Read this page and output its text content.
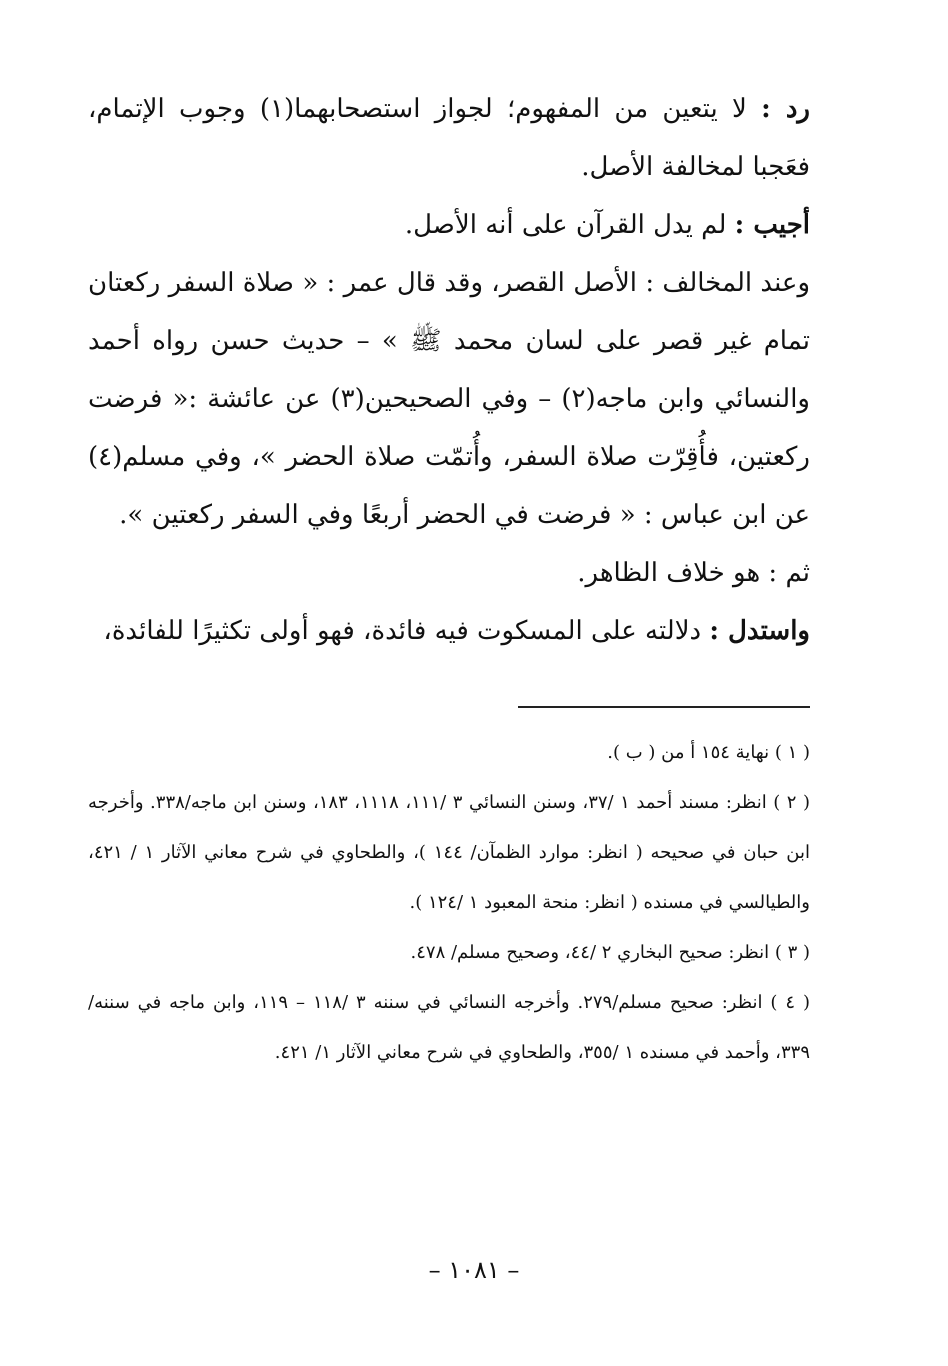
رد : لا يتعين من المفهوم؛ لجواز استصحابهما(١) وجوب الإتمام، فعَجبا لمخالفة الأصل.

أجيب : لم يدل القرآن على أنه الأصل.

وعند المخالف : الأصل القصر، وقد قال عمر : « صلاة السفر ركعتان تمام غير قصر على لسان محمد ﷺ » – حديث حسن رواه أحمد والنسائي وابن ماجه(٢) – وفي الصحيحين(٣) عن عائشة :« فرضت ركعتين، فأُقِرّت صلاة السفر، وأُتمّت صلاة الحضر »، وفي مسلم(٤) عن ابن عباس : « فرضت في الحضر أربعًا وفي السفر ركعتين ».

ثم : هو خلاف الظاهر.

واستدل : دلالته على المسكوت فيه فائدة، فهو أولى تكثيرًا للفائدة،

( ١ ) نهاية ١٥٤ أ من ( ب ).

( ٢ ) انظر: مسند أحمد ١ /٣٧، وسنن النسائي ٣ /١١١، ١١١٨، ١٨٣، وسنن ابن ماجه/٣٣٨. وأخرجه ابن حبان في صحيحه ( انظر: موارد الظمآن/ ١٤٤ )، والطحاوي في شرح معاني الآثار ١ / ٤٢١، والطيالسي في مسنده ( انظر: منحة المعبود ١ /١٢٤ ).

( ٣ ) انظر: صحيح البخاري ٢ /٤٤، وصحيح مسلم/ ٤٧٨.

( ٤ ) انظر: صحيح مسلم/٢٧٩. وأخرجه النسائي في سننه ٣ /١١٨ – ١١٩، وابن ماجه في سننه/ ٣٣٩، وأحمد في مسنده ١ /٣٥٥، والطحاوي في شرح معاني الآثار ١/ ٤٢١.

– ١٠٨١ –
